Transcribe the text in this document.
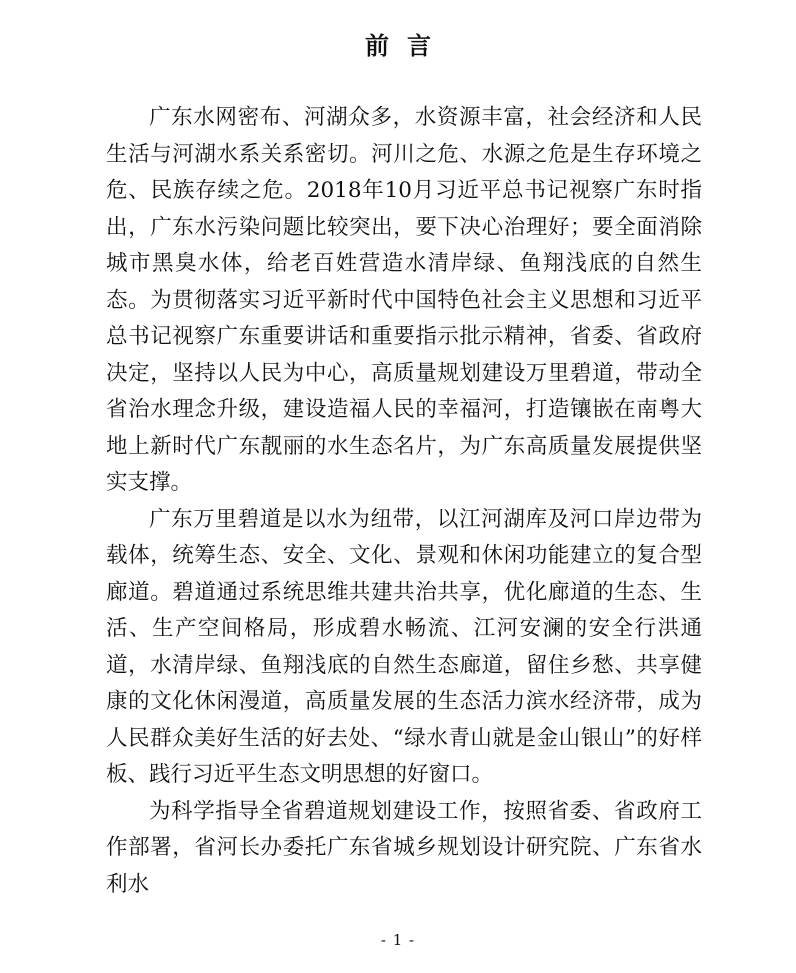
前言

广东水网密布、河湖众多，水资源丰富，社会经济和人民生活与河湖水系关系密切。河川之危、水源之危是生存环境之危、民族存续之危。2018年10月习近平总书记视察广东时指出，广东水污染问题比较突出，要下决心治理好；要全面消除城市黑臭水体，给老百姓营造水清岸绿、鱼翔浅底的自然生态。为贯彻落实习近平新时代中国特色社会主义思想和习近平总书记视察广东重要讲话和重要指示批示精神，省委、省政府决定，坚持以人民为中心，高质量规划建设万里碧道，带动全省治水理念升级，建设造福人民的幸福河，打造镶嵌在南粤大地上新时代广东靓丽的水生态名片，为广东高质量发展提供坚实支撑。

广东万里碧道是以水为纽带，以江河湖库及河口岸边带为载体，统筹生态、安全、文化、景观和休闲功能建立的复合型廊道。碧道通过系统思维共建共治共享，优化廊道的生态、生活、生产空间格局，形成碧水畅流、江河安澜的安全行洪通道，水清岸绿、鱼翔浅底的自然生态廊道，留住乡愁、共享健康的文化休闲漫道，高质量发展的生态活力滨水经济带，成为人民群众美好生活的好去处、“绿水青山就是金山银山”的好样板、践行习近平生态文明思想的好窗口。

为科学指导全省碧道规划建设工作，按照省委、省政府工作部署，省河长办委托广东省城乡规划设计研究院、广东省水利水

- 1 -
